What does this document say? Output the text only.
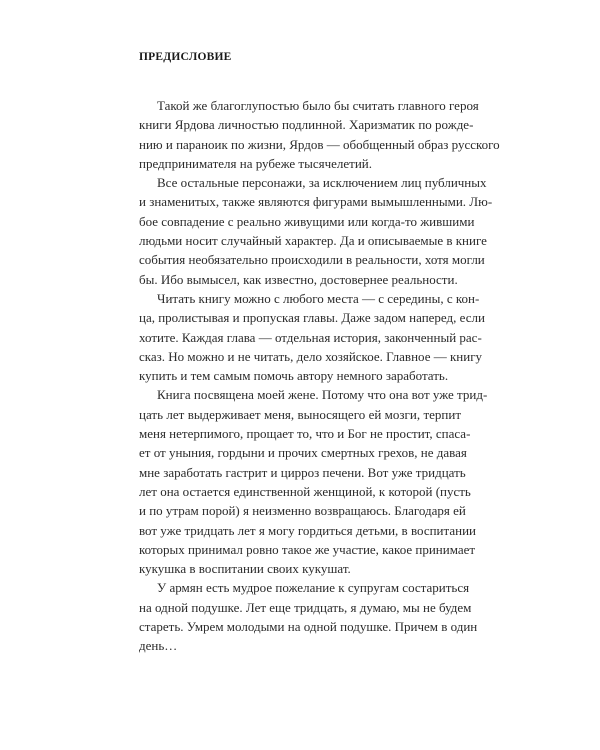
ПРЕДИСЛОВИЕ
Такой же благоглупостью было бы считать главного героя
книги Ярдова личностью подлинной. Харизматик по рожде-
нию и параноик по жизни, Ярдов — обобщенный образ русского
предпринимателя на рубеже тысячелетий.
Все остальные персонажи, за исключением лиц публичных
и знаменитых, также являются фигурами вымышленными. Лю-
бое совпадение с реально живущими или когда-то жившими
людьми носит случайный характер. Да и описываемые в книге
события необязательно происходили в реальности, хотя могли
бы. Ибо вымысел, как известно, достовернее реальности.
Читать книгу можно с любого места — с середины, с кон-
ца, пролистывая и пропуская главы. Даже задом наперед, если
хотите. Каждая глава — отдельная история, законченный рас-
сказ. Но можно и не читать, дело хозяйское. Главное — книгу
купить и тем самым помочь автору немного заработать.
Книга посвящена моей жене. Потому что она вот уже трид-
цать лет выдерживает меня, выносящего ей мозги, терпит
меня нетерпимого, прощает то, что и Бог не простит, спаса-
ет от уныния, гордыни и прочих смертных грехов, не давая
мне заработать гастрит и цирроз печени. Вот уже тридцать
лет она остается единственной женщиной, к которой (пусть
и по утрам порой) я неизменно возвращаюсь. Благодаря ей
вот уже тридцать лет я могу гордиться детьми, в воспитании
которых принимал ровно такое же участие, какое принимает
кукушка в воспитании своих кукушат.
У армян есть мудрое пожелание к супругам состариться
на одной подушке. Лет еще тридцать, я думаю, мы не будем
стареть. Умрем молодыми на одной подушке. Причем в один
день…
